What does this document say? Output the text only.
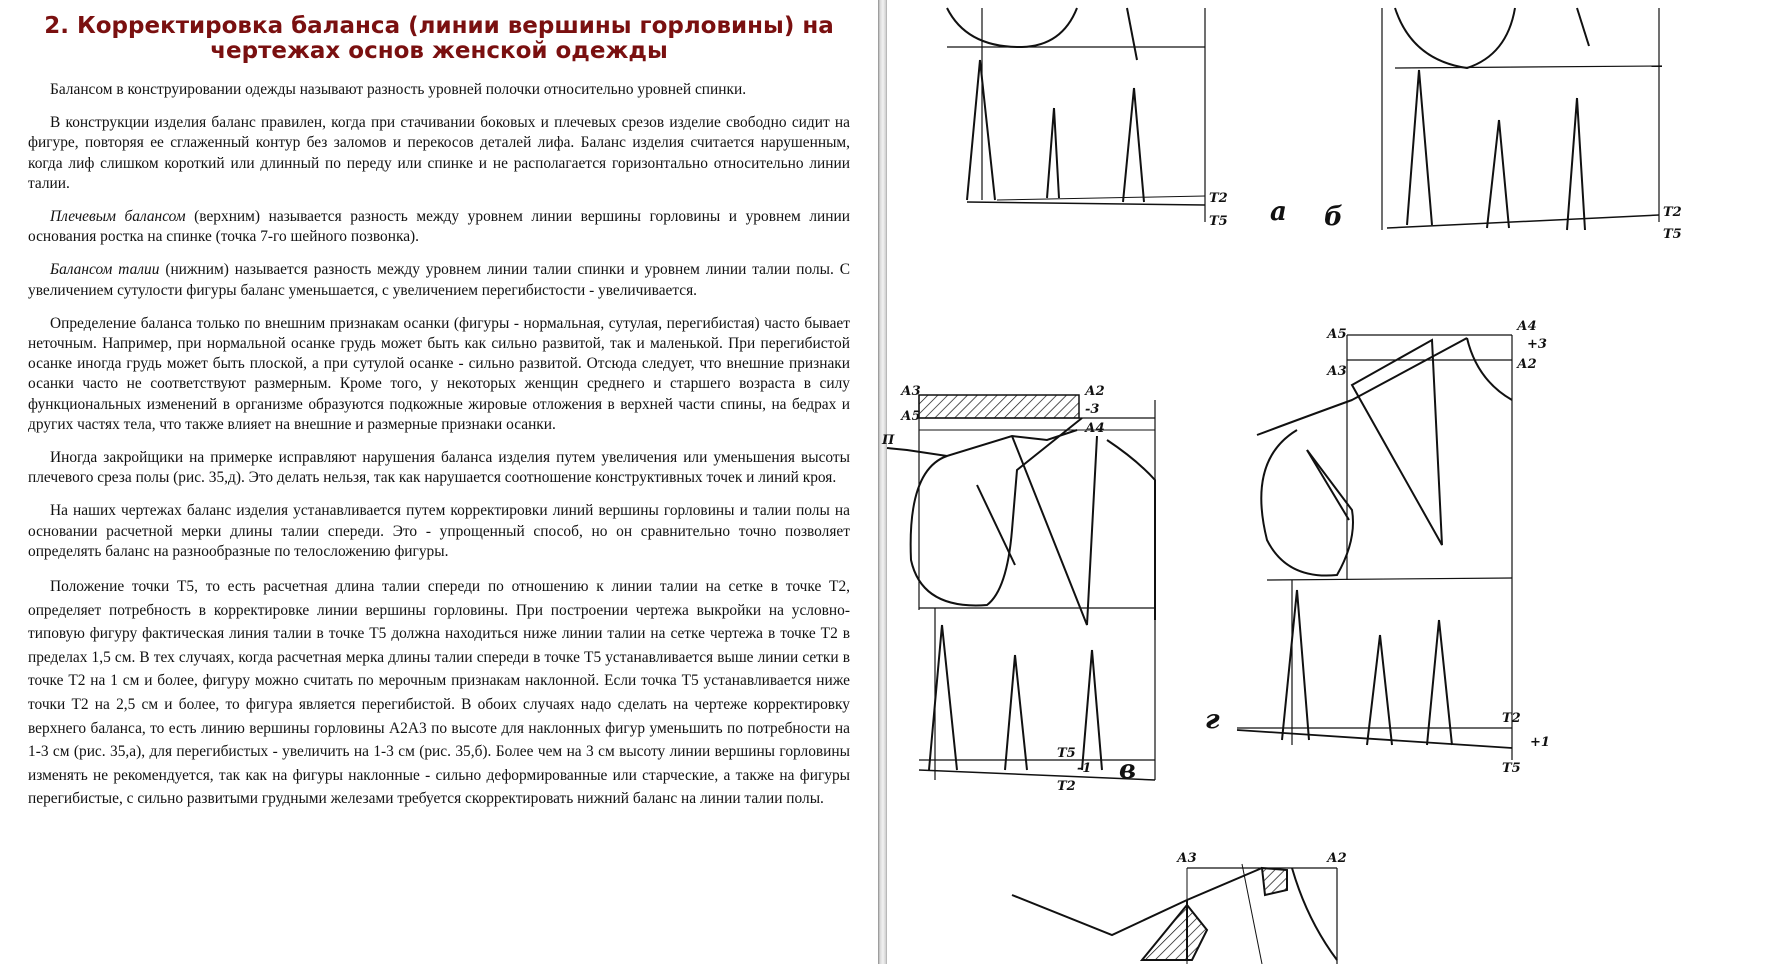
2. Корректировка баланса (линии вершины горловины) на чертежах основ женской одежды

Балансом в конструировании одежды называют разность уровней полочки относительно уровней спинки.

В конструкции изделия баланс правилен, когда при стачивании боковых и плечевых срезов изделие свободно сидит на фигуре, повторяя ее сглаженный контур без заломов и перекосов деталей лифа. Баланс изделия считается нарушенным, когда лиф слишком короткий или длинный по переду или спинке и не располагается горизонтально относительно линии талии.

Плечевым балансом (верхним) называется разность между уровнем линии вершины горловины и уровнем линии основания ростка на спинке (точка 7-го шейного позвонка).

Балансом талии (нижним) называется разность между уровнем линии талии спинки и уровнем линии талии полы. С увеличением сутулости фигуры баланс уменьшается, с увеличением перегибистости - увеличивается.

Определение баланса только по внешним признакам осанки (фигуры - нормальная, сутулая, перегибистая) часто бывает неточным. Например, при нормальной осанке грудь может быть как сильно развитой, так и маленькой. При перегибистой осанке иногда грудь может быть плоской, а при сутулой осанке - сильно развитой. Отсюда следует, что внешние признаки осанки часто не соответствуют размерным. Кроме того, у некоторых женщин среднего и старшего возраста в силу функциональных изменений в организме образуются подкожные жировые отложения в верхней части спины, на бедрах и других частях тела, что также влияет на внешние и размерные признаки осанки.

Иногда закройщики на примерке исправляют нарушения баланса изделия путем увеличения или уменьшения высоты плечевого среза полы (рис. 35,д). Это делать нельзя, так как нарушается соотношение конструктивных точек и линий кроя.

На наших чертежах баланс изделия устанавливается путем корректировки линий вершины горловины и талии полы на основании расчетной мерки длины талии спереди. Это - упрощенный способ, но он сравнительно точно позволяет определять баланс на разнообразные по телосложению фигуры.

Положение точки Т5, то есть расчетная длина талии спереди по отношению к линии талии на сетке в точке Т2, определяет потребность в корректировке линии вершины горловины. При построении чертежа выкройки на условно-типовую фигуру фактическая линия талии в точке Т5 должна находиться ниже линии талии на сетке чертежа в точке Т2 в пределах 1,5 см. В тех случаях, когда расчетная мерка длины талии спереди в точке Т5 устанавливается выше линии сетки в точке Т2 на 1 см и более, фигуру можно считать по мерочным признакам наклонной. Если точка Т5 устанавливается ниже точки Т2 на 2,5 см и более, то фигура является перегибистой. В обоих случаях надо сделать на чертеже корректировку верхнего баланса, то есть линию вершины горловины А2А3 по высоте для наклонных фигур уменьшить по потребности на 1-3 см (рис. 35,а), для перегибистых - увеличить на 1-3 см (рис. 35,б). Более чем на 3 см высоту линии вершины горловины изменять не рекомендуется, так как на фигуры наклонные - сильно деформированные или старческие, а также на фигуры перегибистые, с сильно развитыми грудными железами требуется скорректировать нижний баланс на линии талии полы.

Т2
Т5 а	Т2
Т5
б
А3
А5
А2
-3
А4
П
Т5
Т2
-1 в
А5
А3
А4
+3
А2
Т2
Т5
+1
г
А3	А2
